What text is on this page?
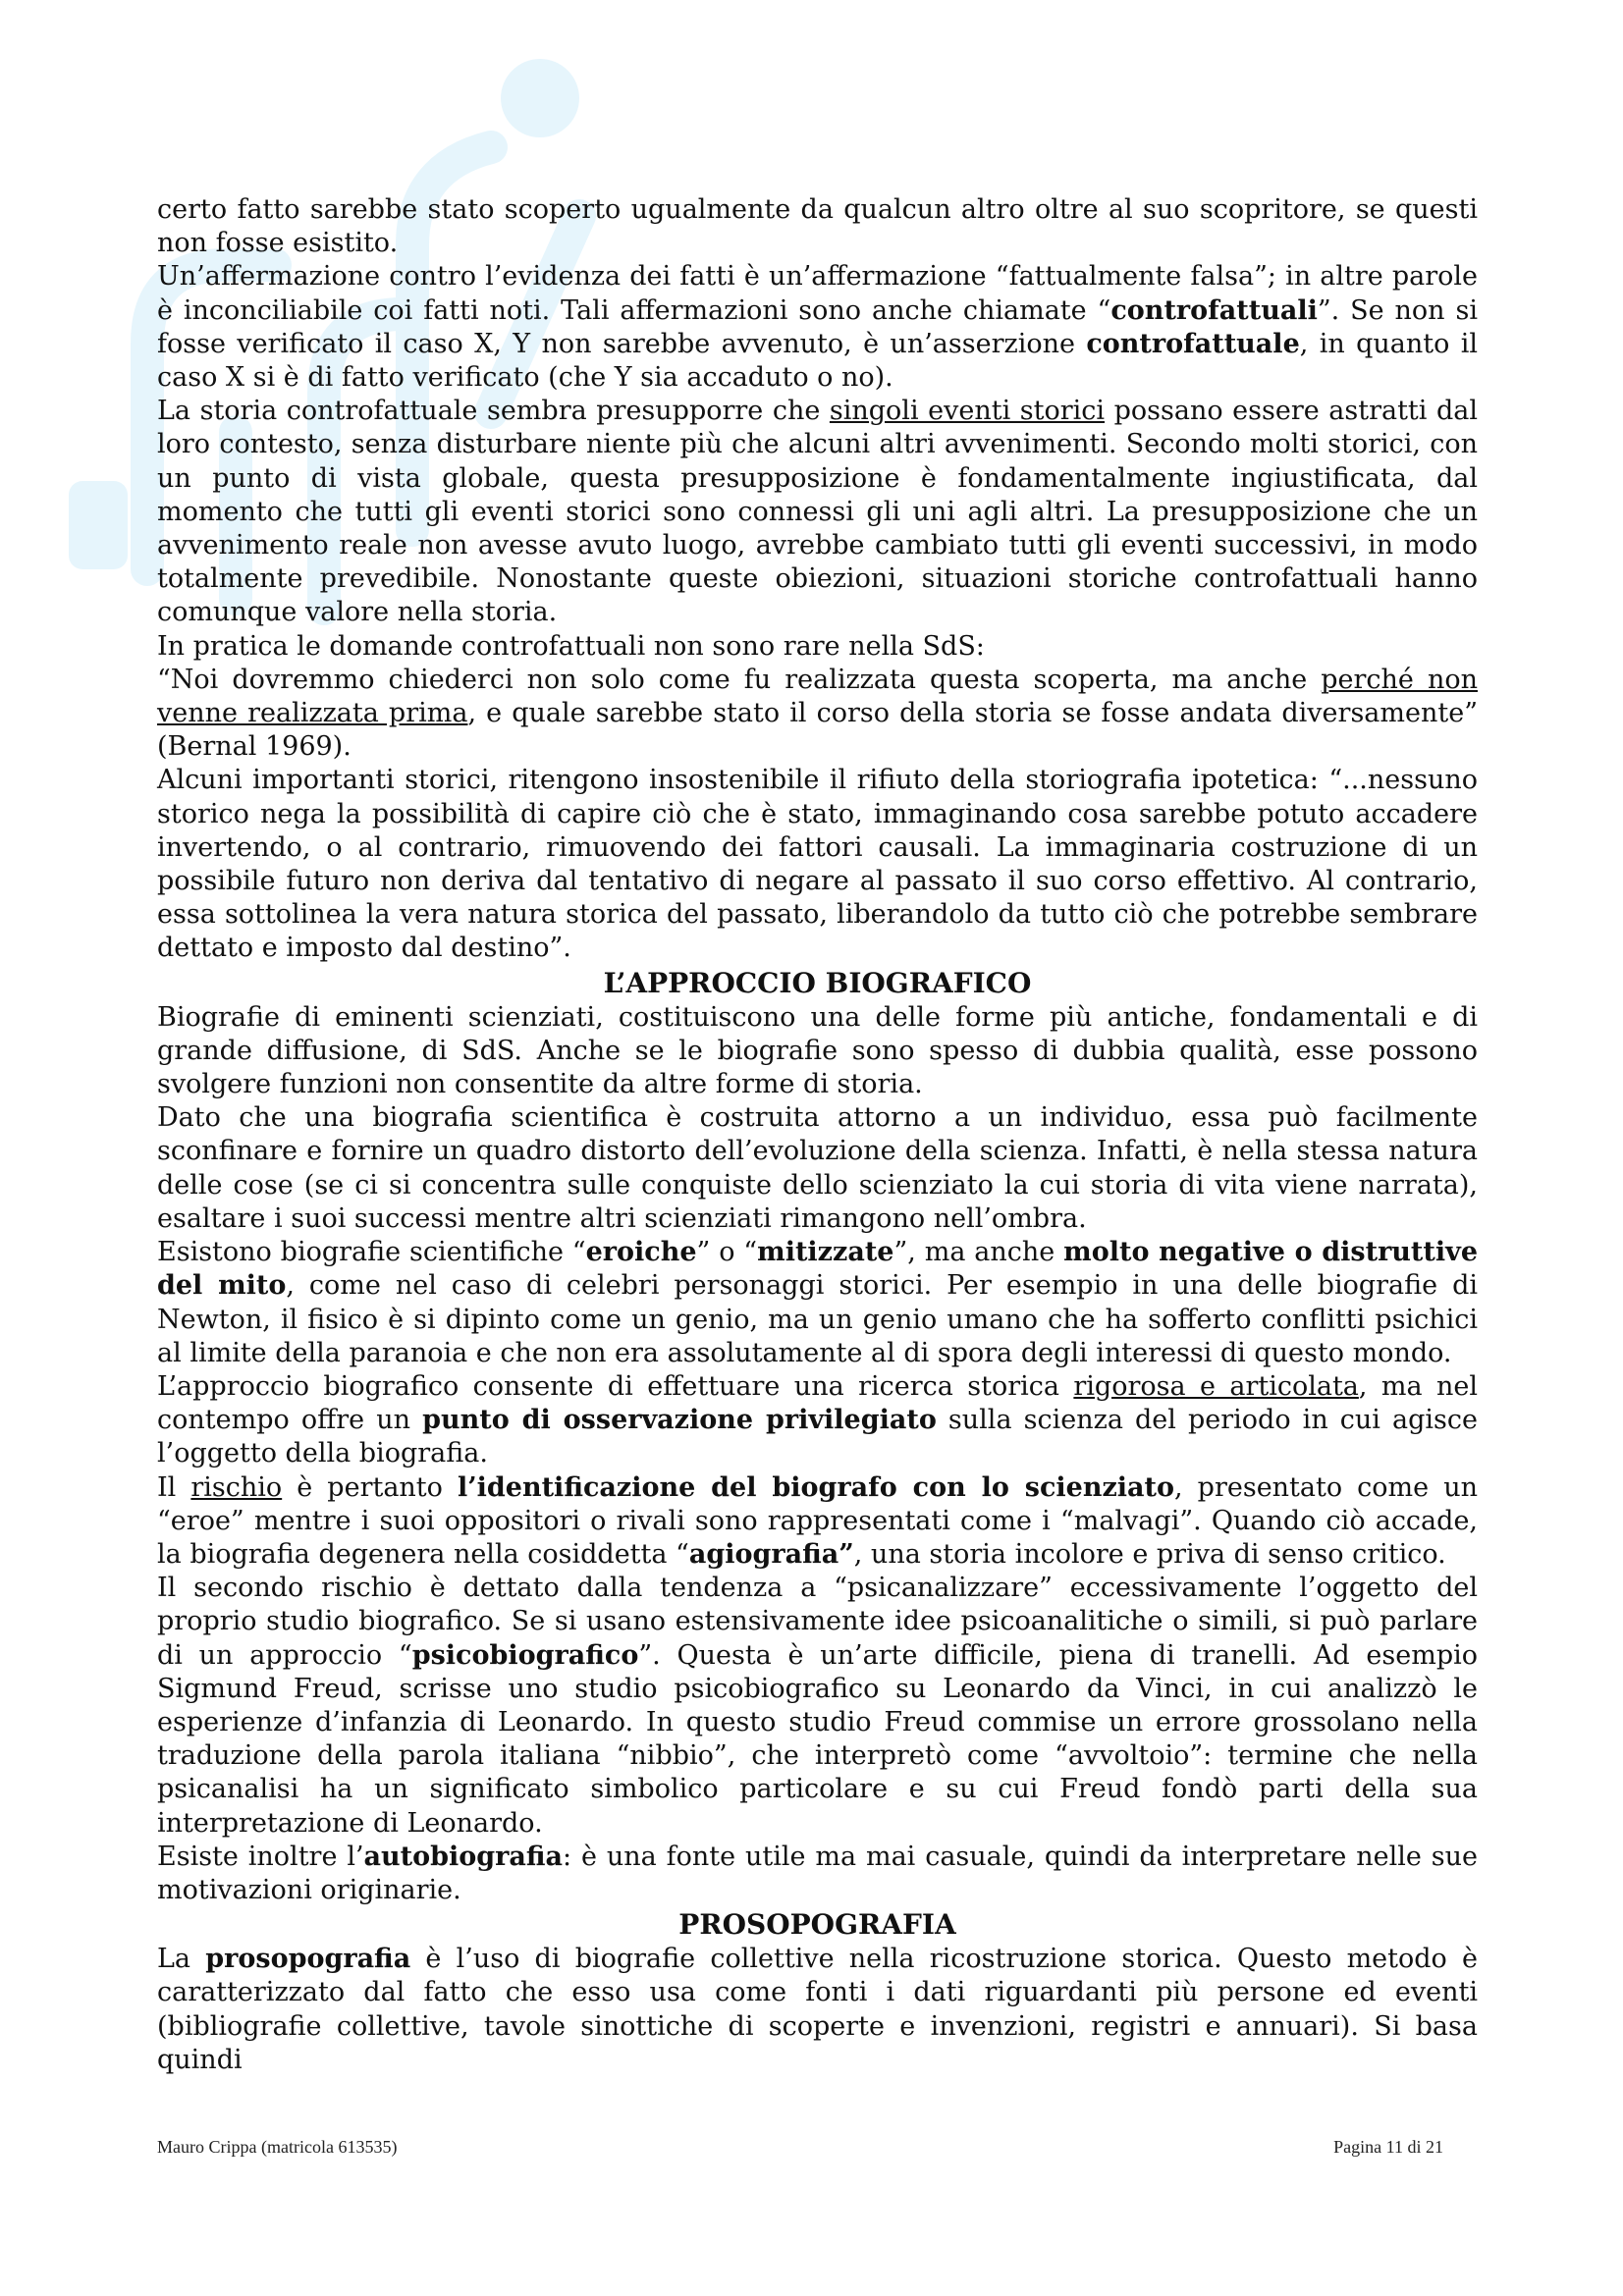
certo fatto sarebbe stato scoperto ugualmente da qualcun altro oltre al suo scopritore, se questi non fosse esistito.

Un’affermazione contro l’evidenza dei fatti è un’affermazione “fattualmente falsa”; in altre parole è inconciliabile coi fatti noti. Tali affermazioni sono anche chiamate “controfattuali”. Se non si fosse verificato il caso X, Y non sarebbe avvenuto, è un’asserzione controfattuale, in quanto il caso X si è di fatto verificato (che Y sia accaduto o no).

La storia controfattuale sembra presupporre che singoli eventi storici possano essere astratti dal loro contesto, senza disturbare niente più che alcuni altri avvenimenti. Secondo molti storici, con un punto di vista globale, questa presupposizione è fondamentalmente ingiustificata, dal momento che tutti gli eventi storici sono connessi gli uni agli altri. La presupposizione che un avvenimento reale non avesse avuto luogo, avrebbe cambiato tutti gli eventi successivi, in modo totalmente prevedibile. Nonostante queste obiezioni, situazioni storiche controfattuali hanno comunque valore nella storia.

In pratica le domande controfattuali non sono rare nella SdS:

“Noi dovremmo chiederci non solo come fu realizzata questa scoperta, ma anche perché non venne realizzata prima, e quale sarebbe stato il corso della storia se fosse andata diversamente” (Bernal 1969).

Alcuni importanti storici, ritengono insostenibile il rifiuto della storiografia ipotetica: “...nessuno storico nega la possibilità di capire ciò che è stato, immaginando cosa sarebbe potuto accadere invertendo, o al contrario, rimuovendo dei fattori causali. La immaginaria costruzione di un possibile futuro non deriva dal tentativo di negare al passato il suo corso effettivo. Al contrario, essa sottolinea la vera natura storica del passato, liberandolo da tutto ciò che potrebbe sembrare dettato e imposto dal destino”.

L’APPROCCIO BIOGRAFICO

Biografie di eminenti scienziati, costituiscono una delle forme più antiche, fondamentali e di grande diffusione, di SdS. Anche se le biografie sono spesso di dubbia qualità, esse possono svolgere funzioni non consentite da altre forme di storia.

Dato che una biografia scientifica è costruita attorno a un individuo, essa può facilmente sconfinare e fornire un quadro distorto dell’evoluzione della scienza. Infatti, è nella stessa natura delle cose (se ci si concentra sulle conquiste dello scienziato la cui storia di vita viene narrata), esaltare i suoi successi mentre altri scienziati rimangono nell’ombra.

Esistono biografie scientifiche “eroiche” o “mitizzate”, ma anche molto negative o distruttive del mito, come nel caso di celebri personaggi storici. Per esempio in una delle biografie di Newton, il fisico è si dipinto come un genio, ma un genio umano che ha sofferto conflitti psichici al limite della paranoia e che non era assolutamente al di spora degli interessi di questo mondo.

L’approccio biografico consente di effettuare una ricerca storica rigorosa e articolata, ma nel contempo offre un punto di osservazione privilegiato sulla scienza del periodo in cui agisce l’oggetto della biografia.

Il rischio è pertanto l’identificazione del biografo con lo scienziato, presentato come un “eroe” mentre i suoi oppositori o rivali sono rappresentati come i “malvagi”. Quando ciò accade, la biografia degenera nella cosiddetta “agiografia”, una storia incolore e priva di senso critico.

Il secondo rischio è dettato dalla tendenza a “psicanalizzare” eccessivamente l’oggetto del proprio studio biografico. Se si usano estensivamente idee psicoanalitiche o simili, si può parlare di un approccio “psicobiografico”. Questa è un’arte difficile, piena di tranelli. Ad esempio Sigmund Freud, scrisse uno studio psicobiografico su Leonardo da Vinci, in cui analizzò le esperienze d’infanzia di Leonardo. In questo studio Freud commise un errore grossolano nella traduzione della parola italiana “nibbio”, che interpretò come “avvoltoio”: termine che nella psicanalisi ha un significato simbolico particolare e su cui Freud fondò parti della sua interpretazione di Leonardo.

Esiste inoltre l’autobiografia: è una fonte utile ma mai casuale, quindi da interpretare nelle sue motivazioni originarie.

PROSOPOGRAFIA

La prosopografia è l’uso di biografie collettive nella ricostruzione storica. Questo metodo è caratterizzato dal fatto che esso usa come fonti i dati riguardanti più persone ed eventi (bibliografie collettive, tavole sinottiche di scoperte e invenzioni, registri e annuari). Si basa quindi

Mauro Crippa (matricola 613535)	Pagina 11 di 21
